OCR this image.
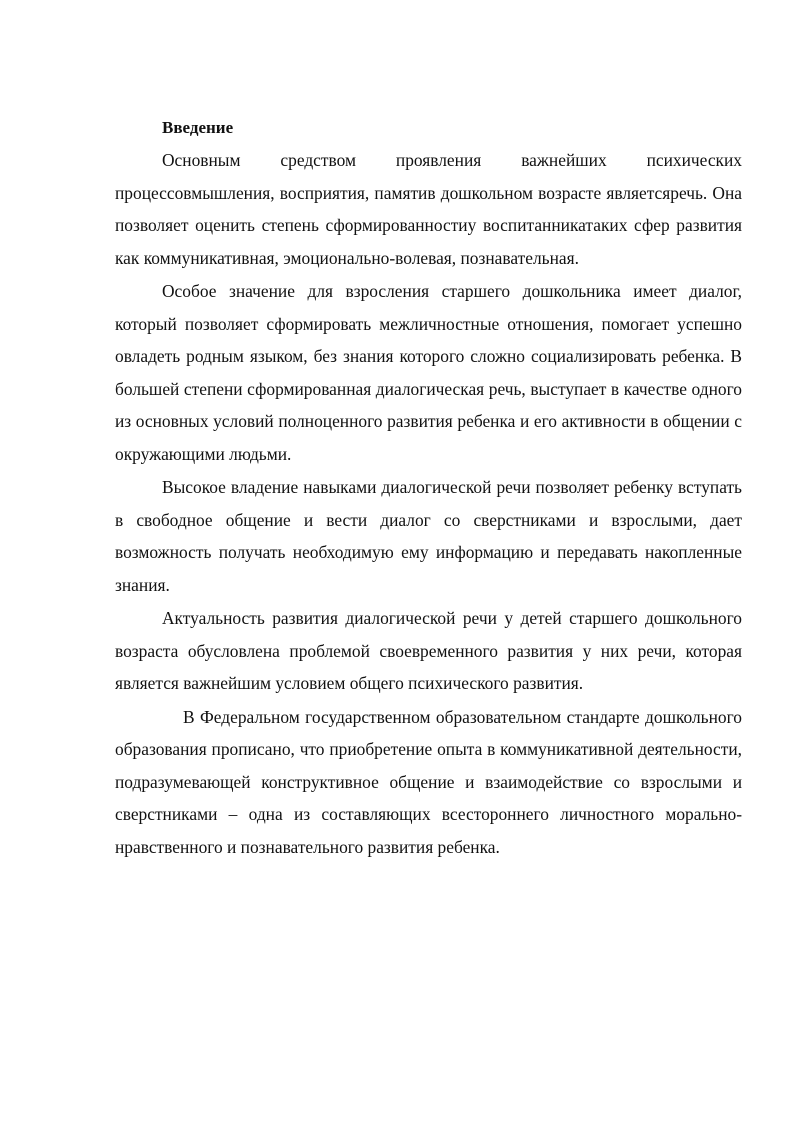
Введение

Основным средством проявления важнейших психических процессовмышления, восприятия, памятив дошкольном возрасте являетсяречь. Она позволяет оценить степень сформированностиу воспитанникатаких сфер развития как коммуникативная, эмоционально-волевая, познавательная.

Особое значение для взросления старшего дошкольника имеет диалог, который позволяет сформировать межличностные отношения, помогает успешно овладеть родным языком, без знания которого сложно социализировать ребенка. В большей степени сформированная диалогическая речь, выступает в качестве одного из основных условий полноценного развития ребенка и его активности в общении с окружающими людьми.

Высокое владение навыками диалогической речи позволяет ребенку вступать в свободное общение и вести диалог со сверстниками и взрослыми, дает возможность получать необходимую ему информацию и передавать накопленные знания.

Актуальность развития диалогической речи у детей старшего дошкольного возраста обусловлена проблемой своевременного развития у них речи, которая является важнейшим условием общего психического развития.

В Федеральном государственном образовательном стандарте дошкольного образования прописано, что приобретение опыта в коммуникативной деятельности, подразумевающей конструктивное общение и взаимодействие со взрослыми и сверстниками – одна из составляющих всестороннего личностного морально- нравственного и познавательного развития ребенка.
